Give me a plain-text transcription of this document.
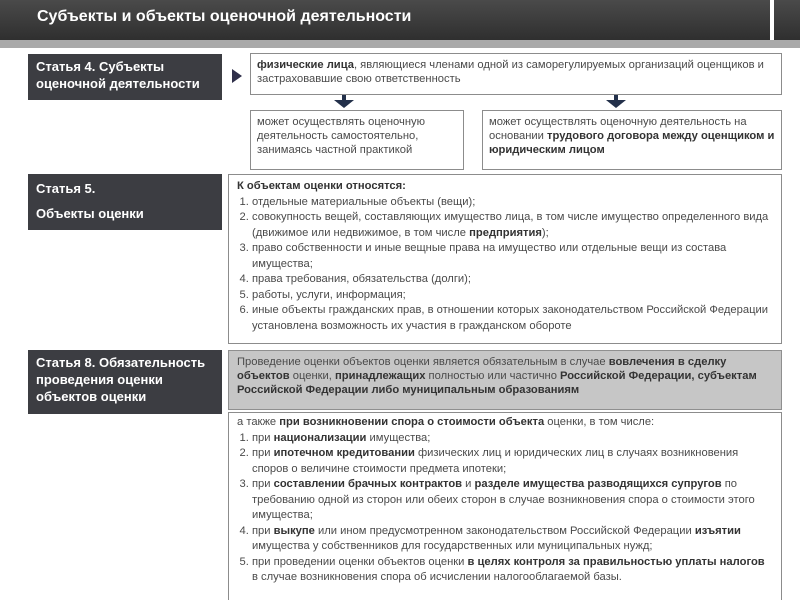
Субъекты и объекты оценочной деятельности
Статья 4. Субъекты оценочной деятельности
физические лица, являющиеся членами одной из саморегулируемых организаций оценщиков и застраховавшие свою ответственность
может осуществлять оценочную деятельность самостоятельно, занимаясь частной практикой
может осуществлять оценочную деятельность на основании трудового договора между оценщиком и юридическим лицом
Статья 5.
Объекты оценки
К объектам оценки относятся:
1. отдельные материальные объекты (вещи);
2. совокупность вещей, составляющих имущество лица, в том числе имущество определенного вида (движимое или недвижимое, в том числе предприятия);
3. право собственности и иные вещные права на имущество или отдельные вещи из состава имущества;
4. права требования, обязательства (долги);
5. работы, услуги, информация;
6. иные объекты гражданских прав, в отношении которых законодательством Российской Федерации установлена возможность их участия в гражданском обороте
Статья 8. Обязательность проведения оценки объектов оценки
Проведение оценки объектов оценки является обязательным в случае вовлечения в сделку объектов оценки, принадлежащих полностью или частично Российской Федерации, субъектам Российской Федерации либо муниципальным образованиям
а также при возникновении спора о стоимости объекта оценки, в том числе:
1. при национализации имущества;
2. при ипотечном кредитовании физических лиц и юридических лиц в случаях возникновения споров о величине стоимости предмета ипотеки;
3. при составлении брачных контрактов и разделе имущества разводящихся супругов по требованию одной из сторон или обеих сторон в случае возникновения спора о стоимости этого имущества;
4. при выкупе или ином предусмотренном законодательством Российской Федерации изъятии имущества у собственников для государственных или муниципальных нужд;
5. при проведении оценки объектов оценки в целях контроля за правильностью уплаты налогов в случае возникновения спора об исчислении налогооблагаемой базы.
